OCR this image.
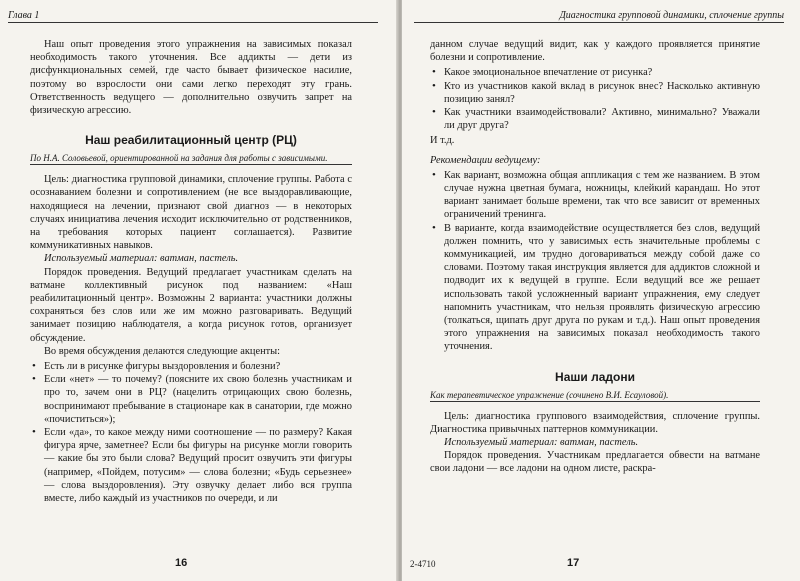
Глава 1

Наш опыт проведения этого упражнения на зависимых показал необходимость такого уточнения. Все аддикты — дети из дисфункциональных семей, где часто бывает физическое насилие, поэтому во взрослости они сами легко переходят эту грань. Ответственность ведущего — дополнительно озвучить запрет на физическую агрессию.

Наш реабилитационный центр (РЦ)
По Н.А. Соловьевой, ориентированной на задания для работы с зависимыми.

Цель: диагностика групповой динамики, сплочение группы. Работа с осознаванием болезни и сопротивлением (не все выздоравливающие, находящиеся на лечении, признают свой диагноз — в некоторых случаях инициатива лечения исходит исключительно от родственников, на требования которых пациент соглашается). Развитие коммуникативных навыков.

Используемый материал: ватман, пастель.

Порядок проведения. Ведущий предлагает участникам сделать на ватмане коллективный рисунок под названием: «Наш реабилитационный центр». Возможны 2 варианта: участники должны сохраняться без слов или же им можно разговаривать. Ведущий занимает позицию наблюдателя, а когда рисунок готов, организует обсуждение.

Во время обсуждения делаются следующие акценты:

• Есть ли в рисунке фигуры выздоровления и болезни?
• Если «нет» — то почему? (поясните их свою болезнь участникам и про то, зачем они в РЦ? (нацелить отрицающих свою болезнь, воспринимают пребывание в стационаре как в санатории, где можно «почиститься»);
• Если «да», то какое между ними соотношение — по размеру? Какая фигура ярче, заметнее? Если бы фигуры на рисунке могли говорить — какие бы это были слова? Ведущий просит озвучить эти фигуры (например, «Пойдем, потусим» — слова болезни; «Будь серьезнее» — слова выздоровления). Эту озвучку делает либо вся группа вместе, либо каждый из участников по очереди, и ли
16
Диагностика групповой динамики, сплочение группы

данном случае ведущий видит, как у каждого проявляется принятие болезни и сопротивление.

• Какое эмоциональное впечатление от рисунка?
• Кто из участников какой вклад в рисунок внес? Насколько активную позицию занял?
• Как участники взаимодействовали? Активно, минимально? Уважали ли друг друга?

И т.д.

Рекомендации ведущему:

• Как вариант, возможна общая аппликация с тем же названием. В этом случае нужна цветная бумага, ножницы, клейкий карандаш. Но этот вариант занимает больше времени, так что все зависит от временных ограничений тренинга.
• В варианте, когда взаимодействие осуществляется без слов, ведущий должен помнить, что у зависимых есть значительные проблемы с коммуникацией, им трудно договариваться между собой даже со словами. Поэтому такая инструкция является для аддиктов сложной и подводит их к ведущей в группе. Если ведущий все же решает использовать такой усложненный вариант упражнения, ему следует напомнить участникам, что нельзя проявлять физическую агрессию (толкаться, щипать друг друга по рукам и т.д.). Наш опыт проведения этого упражнения на зависимых показал необходимость такого уточнения.
Наши ладони
Как терапевтическое упражнение (сочинено В.И. Есауловой).

Цель: диагностика группового взаимодействия, сплочение группы. Диагностика привычных паттернов коммуникации.

Используемый материал: ватман, пастель.

Порядок проведения. Участникам предлагается обвести на ватмане свои ладони — все ладони на одном листе, раскра-

2-4710	17
